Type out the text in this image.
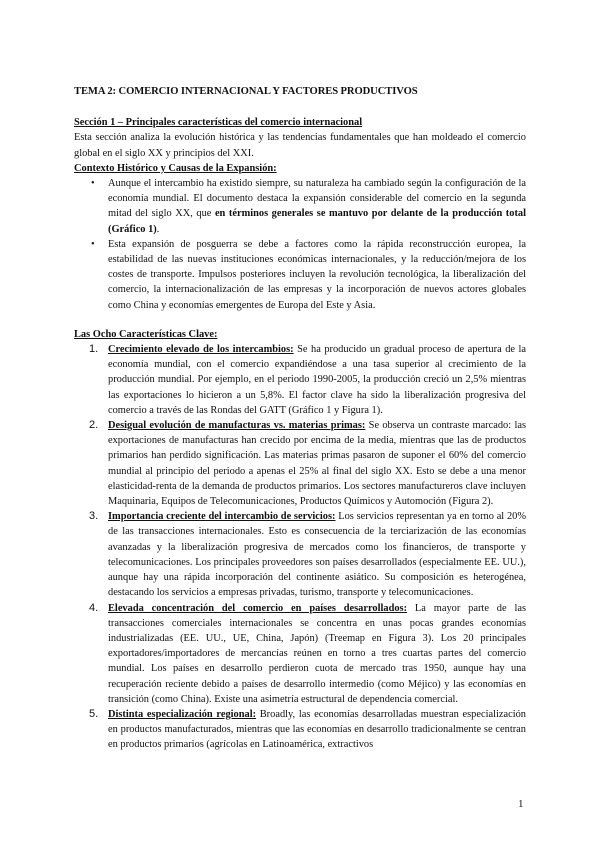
TEMA 2: COMERCIO INTERNACIONAL Y FACTORES PRODUCTIVOS
Sección 1 – Principales características del comercio internacional

Esta sección analiza la evolución histórica y las tendencias fundamentales que han moldeado el comercio global en el siglo XX y principios del XXI.

Contexto Histórico y Causas de la Expansión:
• Aunque el intercambio ha existido siempre, su naturaleza ha cambiado según la configuración de la economía mundial. El documento destaca la expansión considerable del comercio en la segunda mitad del siglo XX, que en términos generales se mantuvo por delante de la producción total (Gráfico 1).
• Esta expansión de posguerra se debe a factores como la rápida reconstrucción europea, la estabilidad de las nuevas instituciones económicas internacionales, y la reducción/mejora de los costes de transporte. Impulsos posteriores incluyen la revolución tecnológica, la liberalización del comercio, la internacionalización de las empresas y la incorporación de nuevos actores globales como China y economías emergentes de Europa del Este y Asia.
Las Ocho Características Clave:
1. Crecimiento elevado de los intercambios: Se ha producido un gradual proceso de apertura de la economía mundial, con el comercio expandiéndose a una tasa superior al crecimiento de la producción mundial. Por ejemplo, en el periodo 1990-2005, la producción creció un 2,5% mientras las exportaciones lo hicieron a un 5,8%. El factor clave ha sido la liberalización progresiva del comercio a través de las Rondas del GATT (Gráfico 1 y Figura 1).
2. Desigual evolución de manufacturas vs. materias primas: Se observa un contraste marcado: las exportaciones de manufacturas han crecido por encima de la media, mientras que las de productos primarios han perdido significación. Las materias primas pasaron de suponer el 60% del comercio mundial al principio del periodo a apenas el 25% al final del siglo XX. Esto se debe a una menor elasticidad-renta de la demanda de productos primarios. Los sectores manufactureros clave incluyen Maquinaria, Equipos de Telecomunicaciones, Productos Químicos y Automoción (Figura 2).
3. Importancia creciente del intercambio de servicios: Los servicios representan ya en torno al 20% de las transacciones internacionales. Esto es consecuencia de la terciarización de las economías avanzadas y la liberalización progresiva de mercados como los financieros, de transporte y telecomunicaciones. Los principales proveedores son países desarrollados (especialmente EE. UU.), aunque hay una rápida incorporación del continente asiático. Su composición es heterogénea, destacando los servicios a empresas privadas, turismo, transporte y telecomunicaciones.
4. Elevada concentración del comercio en países desarrollados: La mayor parte de las transacciones comerciales internacionales se concentra en unas pocas grandes economías industrializadas (EE. UU., UE, China, Japón) (Treemap en Figura 3). Los 20 principales exportadores/importadores de mercancías reúnen en torno a tres cuartas partes del comercio mundial. Los países en desarrollo perdieron cuota de mercado tras 1950, aunque hay una recuperación reciente debido a países de desarrollo intermedio (como Méjico) y las economías en transición (como China). Existe una asimetría estructural de dependencia comercial.
5. Distinta especialización regional: Broadly, las economías desarrolladas muestran especialización en productos manufacturados, mientras que las economías en desarrollo tradicionalmente se centran en productos primarios (agrícolas en Latinoamérica, extractivos
1
